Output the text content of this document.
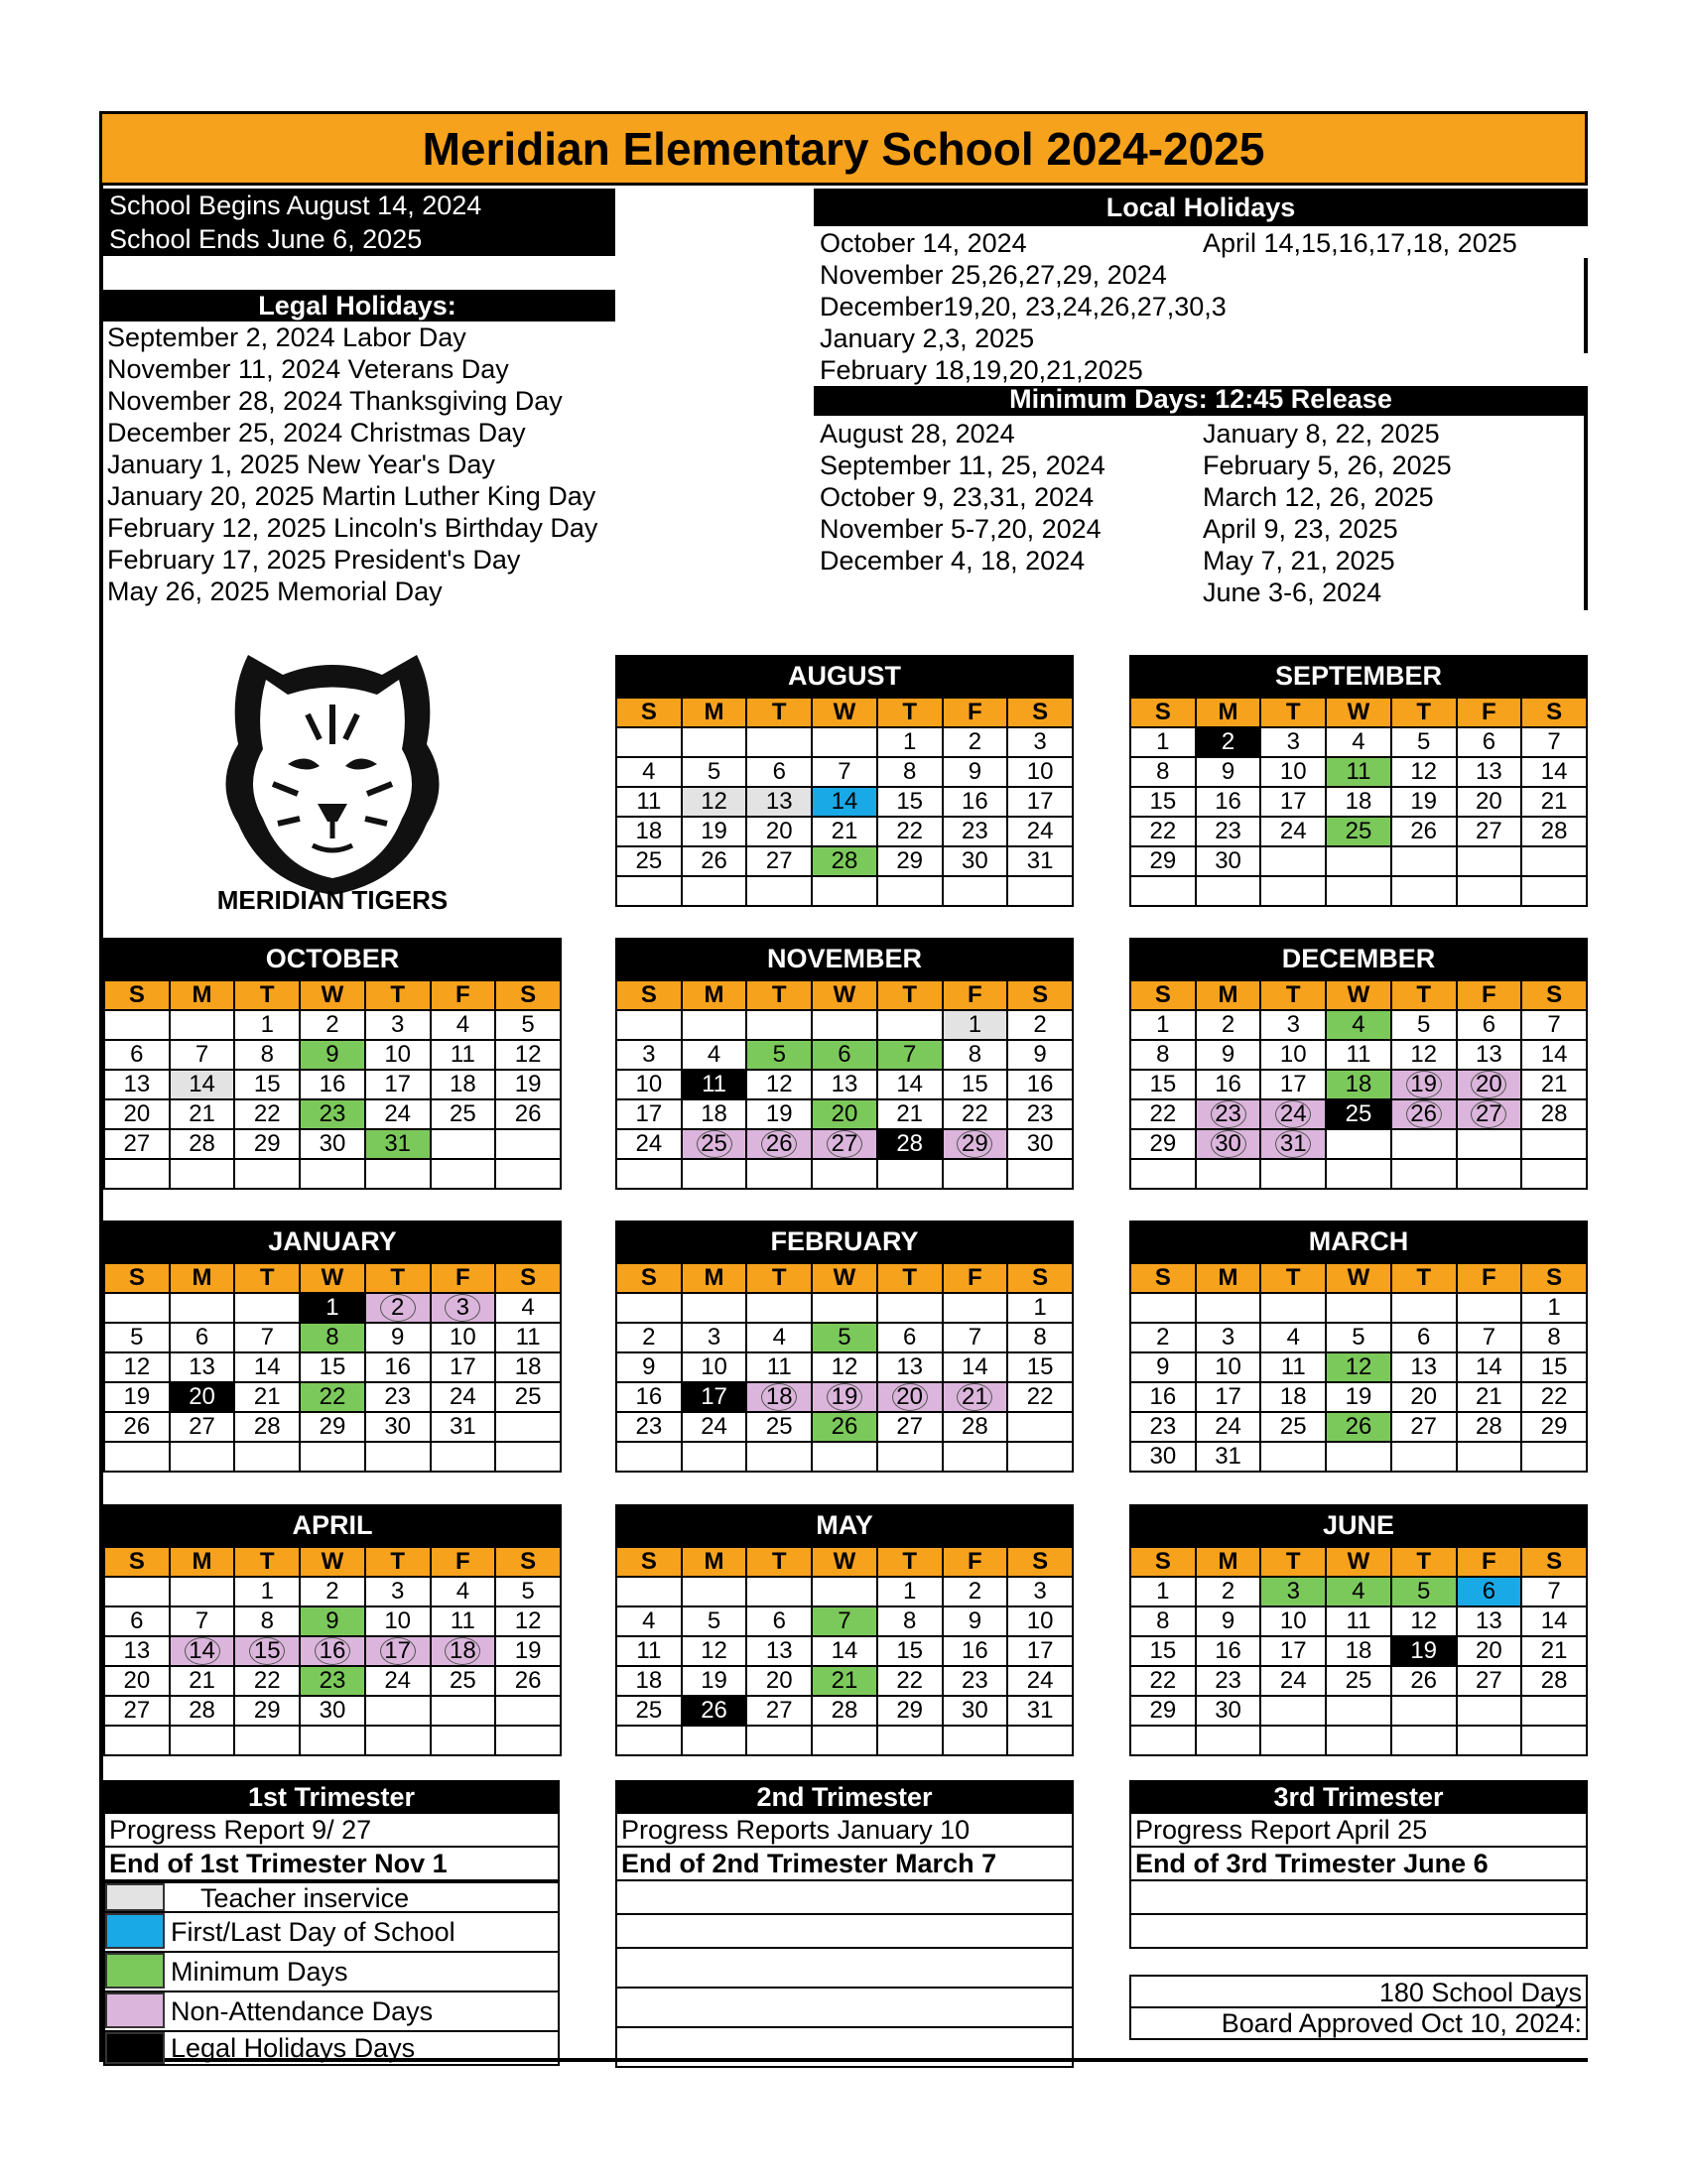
Meridian Elementary School 2024-2025
School Begins August 14, 2024
School Ends June 6, 2025
Legal Holidays:
September 2, 2024 Labor Day
November 11, 2024 Veterans Day
November 28, 2024 Thanksgiving Day
December 25, 2024 Christmas Day
January 1, 2025 New Year's Day
January 20, 2025 Martin Luther King Day
February 12, 2025 Lincoln's Birthday Day
February 17, 2025 President's Day
May 26, 2025 Memorial Day
Local Holidays
October 14, 2024
November 25,26,27,29, 2024
December19,20, 23,24,26,27,30,3
January 2,3, 2025
February 18,19,20,21,2025
April 14,15,16,17,18, 2025
Minimum Days: 12:45 Release
August 28, 2024
September 11, 25, 2024
October 9, 23,31, 2024
November 5-7,20, 2024
December 4, 18, 2024
January 8, 22, 2025
February 5, 26, 2025
March 12, 26, 2025
April 9, 23, 2025
May 7, 21, 2025
June 3-6, 2024
MERIDIAN TIGERS
AUGUST
S	M	T	W	T	F	S
				1	2	3
4	5	6	7	8	9	10
11	12	13	14	15	16	17
18	19	20	21	22	23	24
25	26	27	28	29	30	31

SEPTEMBER
S	M	T	W	T	F	S
1	2	3	4	5	6	7
8	9	10	11	12	13	14
15	16	17	18	19	20	21
22	23	24	25	26	27	28
29	30					

OCTOBER
S	M	T	W	T	F	S
		1	2	3	4	5
6	7	8	9	10	11	12
13	14	15	16	17	18	19
20	21	22	23	24	25	26
27	28	29	30	31		

NOVEMBER
S	M	T	W	T	F	S
					1	2
3	4	5	6	7	8	9
10	11	12	13	14	15	16
17	18	19	20	21	22	23
24	25	26	27	28	29	30

DECEMBER
S	M	T	W	T	F	S
1	2	3	4	5	6	7
8	9	10	11	12	13	14
15	16	17	18	19	20	21
22	23	24	25	26	27	28
29	30	31				

JANUARY
S	M	T	W	T	F	S
			1	2	3	4
5	6	7	8	9	10	11
12	13	14	15	16	17	18
19	20	21	22	23	24	25
26	27	28	29	30	31	

FEBRUARY
S	M	T	W	T	F	S
						1
2	3	4	5	6	7	8
9	10	11	12	13	14	15
16	17	18	19	20	21	22
23	24	25	26	27	28	

MARCH
S	M	T	W	T	F	S
						1
2	3	4	5	6	7	8
9	10	11	12	13	14	15
16	17	18	19	20	21	22
23	24	25	26	27	28	29
30	31					
APRIL
S	M	T	W	T	F	S
		1	2	3	4	5
6	7	8	9	10	11	12
13	14	15	16	17	18	19
20	21	22	23	24	25	26
27	28	29	30			

MAY
S	M	T	W	T	F	S
				1	2	3
4	5	6	7	8	9	10
11	12	13	14	15	16	17
18	19	20	21	22	23	24
25	26	27	28	29	30	31

JUNE
S	M	T	W	T	F	S
1	2	3	4	5	6	7
8	9	10	11	12	13	14
15	16	17	18	19	20	21
22	23	24	25	26	27	28
29	30					

1st Trimester
Progress Report 9/ 27
End of 1st Trimester Nov 1
2nd Trimester
Progress Reports January 10
End of 2nd Trimester March 7
3rd Trimester
Progress Report April 25
End of 3rd Trimester June 6
Teacher inservice
First/Last Day of School
Minimum Days
Non-Attendance Days
Legal Holidays Days
180 School Days
Board Approved Oct 10, 2024:
